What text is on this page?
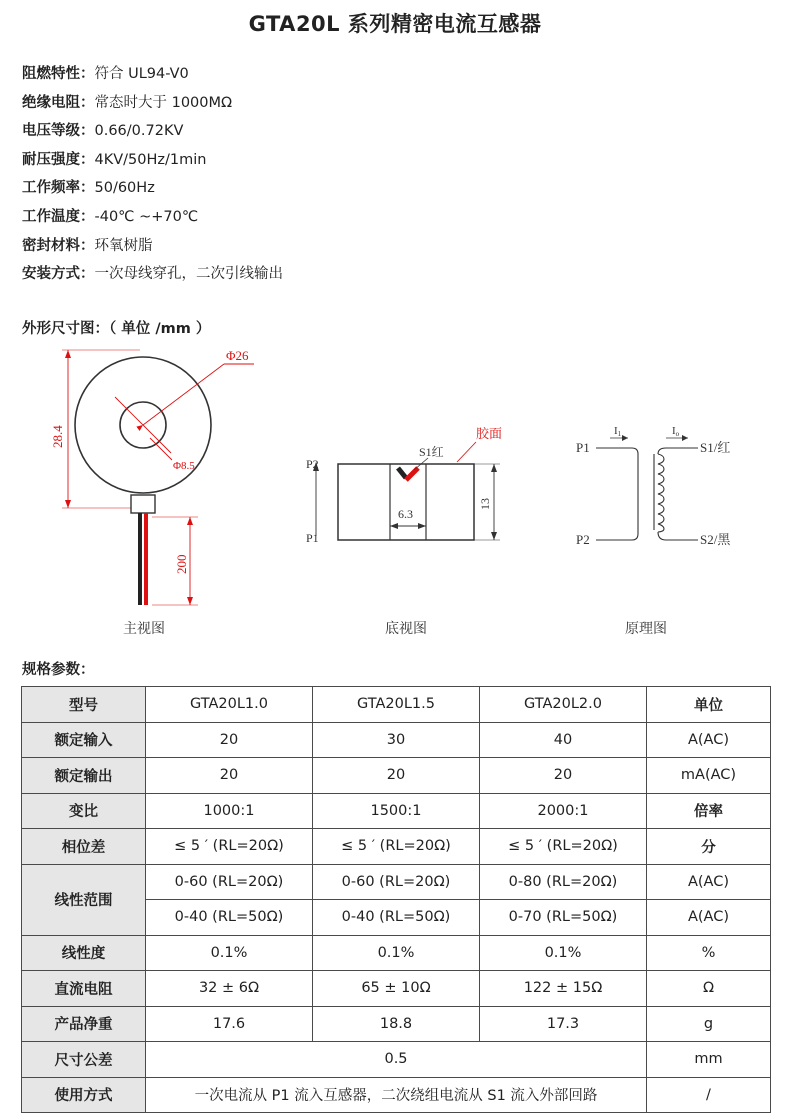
GTA20L 系列精密电流互感器
阻燃特性：符合 UL94-V0
绝缘电阻：常态时大于 1000MΩ
电压等级：0.66/0.72KV
耐压强度：4KV/50Hz/1min
工作频率：50/60Hz
工作温度：-40℃ ~+70℃
密封材料：环氧树脂
安装方式：一次母线穿孔，二次引线输出
外形尺寸图：（ 单位 /mm ）
Φ26
Φ8.5
28.4
200
主视图
P2
P1
S1红
胶面
6.3
13
底视图
P1
P2
I1	Io
S1/红
S2/黑
原理图
规格参数：
型号	GTA20L1.0	GTA20L1.5	GTA20L2.0	单位
额定输入	20	30	40	A(AC)
额定输出	20	20	20	mA(AC)
变比	1000:1	1500:1	2000:1	倍率
相位差	≤ 5 ′ (RL=20Ω)	≤ 5 ′ (RL=20Ω)	≤ 5 ′ (RL=20Ω)	分
线性范围	0-60 (RL=20Ω)	0-60 (RL=20Ω)	0-80 (RL=20Ω)	A(AC)
	0-40 (RL=50Ω)	0-40 (RL=50Ω)	0-70 (RL=50Ω)	A(AC)
线性度	0.1%	0.1%	0.1%	%
直流电阻	32 ± 6Ω	65 ± 10Ω	122 ± 15Ω	Ω
产品净重	17.6	18.8	17.3	g
尺寸公差	0.5			mm
使用方式	一次电流从 P1 流入互感器，二次绕组电流从 S1 流入外部回路			/
